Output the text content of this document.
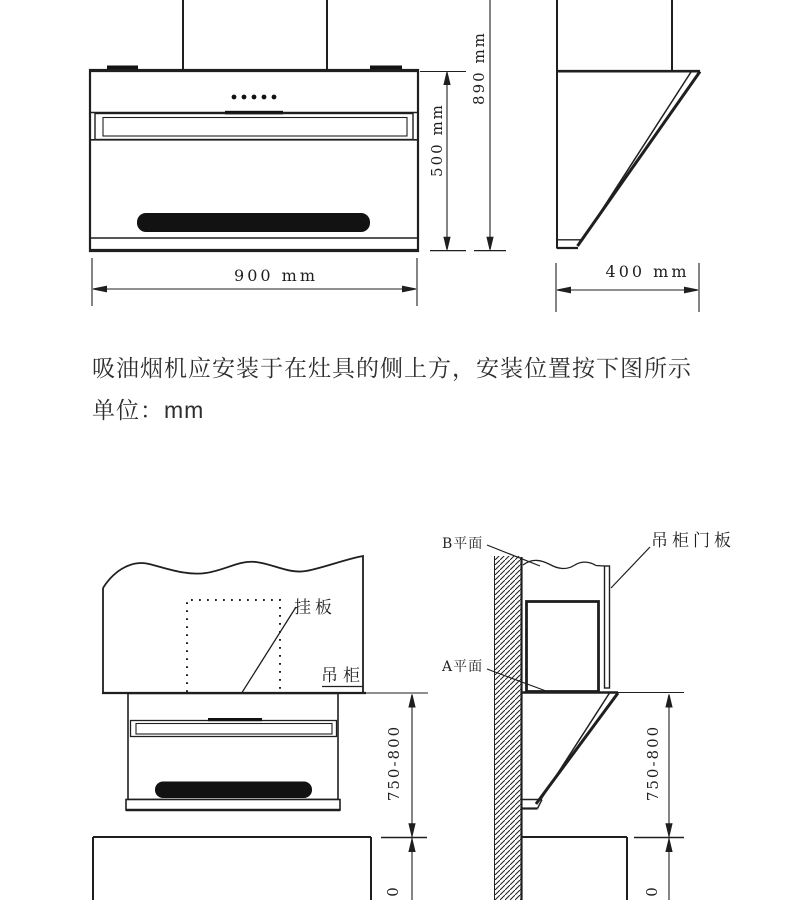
500 mm
890 mm
900 mm	400 mm
吸油烟机应安装于在灶具的侧上方，安装位置按下图所示
单位：mm
挂板
吊柜
B平面
A平面
吊柜门板
750-800	750-800
0	0
